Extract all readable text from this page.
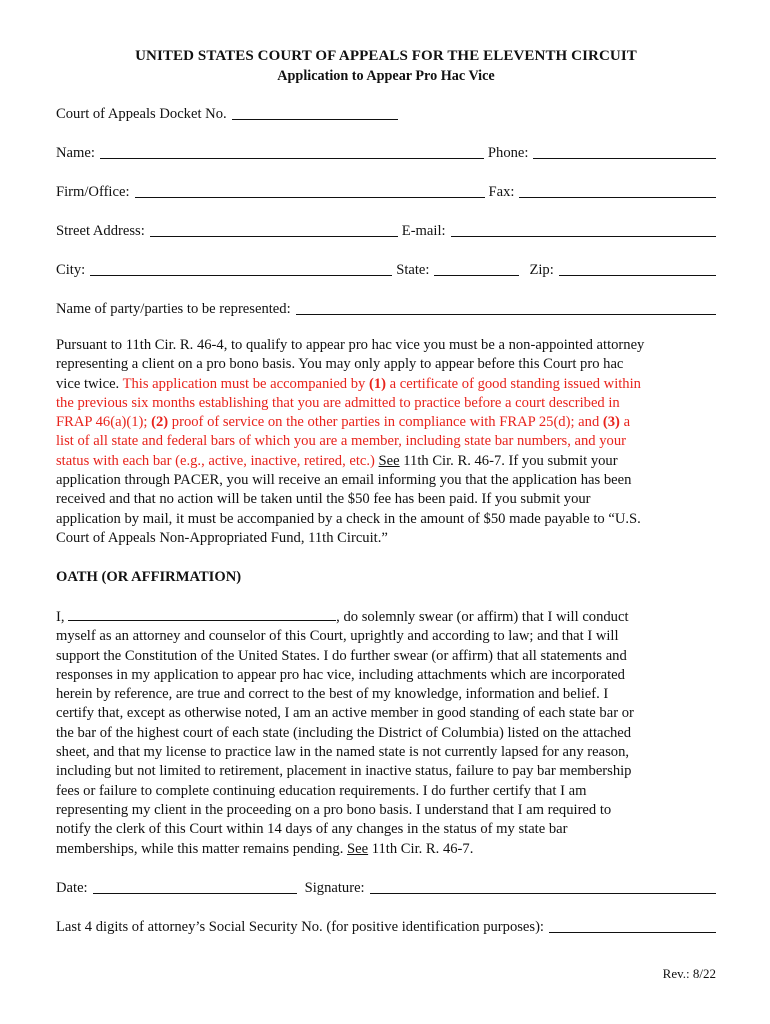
UNITED STATES COURT OF APPEALS FOR THE ELEVENTH CIRCUIT
Application to Appear Pro Hac Vice
Court of Appeals Docket No.
Name:	Phone:
Firm/Office:	Fax:
Street Address:	E-mail:
City:	State:	Zip:
Name of party/parties to be represented:

Pursuant to 11th Cir. R. 46-4, to qualify to appear pro hac vice you must be a non-appointed attorney

representing a client on a pro bono basis. You may only apply to appear before this Court pro hac

vice twice. This application must be accompanied by (1) a certificate of good standing issued within

the previous six months establishing that you are admitted to practice before a court described in

FRAP 46(a)(1); (2) proof of service on the other parties in compliance with FRAP 25(d); and (3) a

list of all state and federal bars of which you are a member, including state bar numbers, and your

status with each bar (e.g., active, inactive, retired, etc.) See 11th Cir. R. 46-7. If you submit your

application through PACER, you will receive an email informing you that the application has been

received and that no action will be taken until the $50 fee has been paid. If you submit your

application by mail, it must be accompanied by a check in the amount of $50 made payable to “U.S.

Court of Appeals Non-Appropriated Fund, 11th Circuit.”

OATH (OR AFFIRMATION)

I,	, do solemnly swear (or affirm) that I will conduct

myself as an attorney and counselor of this Court, uprightly and according to law; and that I will

support the Constitution of the United States. I do further swear (or affirm) that all statements and

responses in my application to appear pro hac vice, including attachments which are incorporated

herein by reference, are true and correct to the best of my knowledge, information and belief. I

certify that, except as otherwise noted, I am an active member in good standing of each state bar or

the bar of the highest court of each state (including the District of Columbia) listed on the attached

sheet, and that my license to practice law in the named state is not currently lapsed for any reason,

including but not limited to retirement, placement in inactive status, failure to pay bar membership

fees or failure to complete continuing education requirements. I do further certify that I am

representing my client in the proceeding on a pro bono basis. I understand that I am required to

notify the clerk of this Court within 14 days of any changes in the status of my state bar

memberships, while this matter remains pending. See 11th Cir. R. 46-7.

Date:	Signature:
Last 4 digits of attorney’s Social Security No. (for positive identification purposes):
Rev.: 8/22
